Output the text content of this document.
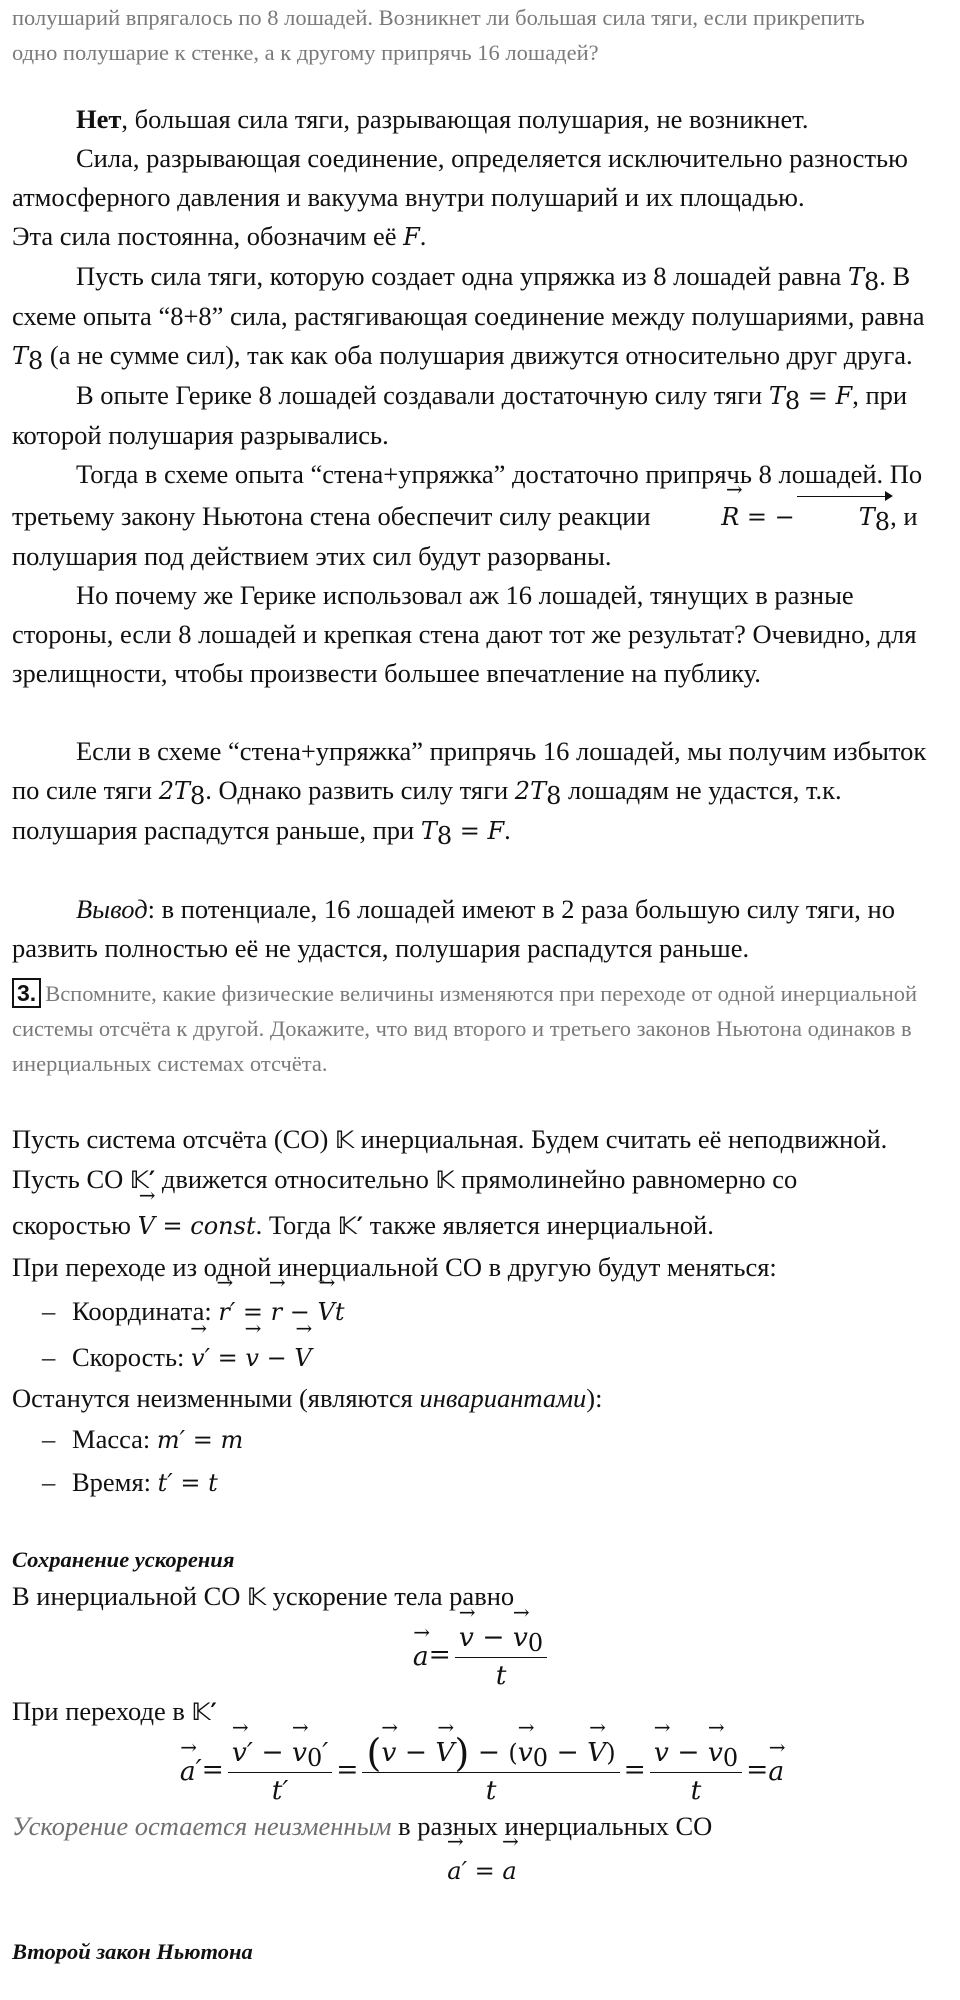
полушарий впрягалось по 8 лошадей. Возникнет ли большая сила тяги, если прикрепить

одно полушарие к стенке, а к другому припрячь 16 лошадей?

Нет, большая сила тяги, разрывающая полушария, не возникнет.

Сила, разрывающая соединение, определяется исключительно разностью атмосферного давления и вакуума внутри полушарий и их площадью.

Эта сила постоянна, обозначим её F.

Пусть сила тяги, которую создает одна упряжка из 8 лошадей равна $T_8$. В схеме опыта “8+8” сила, растягивающая соединение между полушариями, равна $T_8$ (а не сумме сил), так как оба полушария движутся относительно друг друга.

В опыте Герике 8 лошадей создавали достаточную силу тяги $T_8 = F$, при которой полушария разрывались.

Тогда в схеме опыта “стена+упряжка” достаточно припрячь 8 лошадей. По третьему закону Ньютона стена обеспечит силу реакции	→ R = −	$T_8$, и полушария под действием этих сил будут разорваны.

Но почему же Герике использовал аж 16 лошадей, тянущих в разные стороны, если 8 лошадей и крепкая стена дают тот же результат? Очевидно, для зрелищности, чтобы произвести большее впечатление на публику.

Если в схеме “стена+упряжка” припрячь 16 лошадей, мы получим избыток по силе тяги $2T_8$. Однако развить силу тяги $2T_8$ лошадям не удастся, т.к. полушария распадутся раньше, при $T_8 = F$.

Вывод: в потенциале, 16 лошадей имеют в 2 раза большую силу тяги, но развить полностью её не удастся, полушария распадутся раньше.

3. Вспомните, какие физические величины изменяются при переходе от одной инерциальной системы отсчёта к другой. Докажите, что вид второго и третьего законов Ньютона одинаков в инерциальных системах отсчёта.

Пусть система отсчёта (СО) 𝕂 инерциальная. Будем считать её неподвижной.

Пусть СО 𝕂′ движется относительно 𝕂 прямолинейно равномерно со

скоростью → V = const. Тогда 𝕂′ также является инерциальной.

При переходе из одной инерциальной СО в другую будут меняться:

– Координата: → r′ = → r − → Vt

– Скорость: → v′ = → v − → V

Останутся неизменными (являются инвариантами):

– Масса: m′ = m

– Время: t′ = t

Сохранение ускорения

В инерциальной СО 𝕂 ускорение тела равно

→ a = → $\frac{v - \to v_0}{t}$

При переходе в 𝕂′

→ a ′ = → $\frac{v' - \to v_0'}{t'} = \frac{(\to v - \to V) - (\to v_0 - \to V)}{t}$ = → $\frac{v - \to v_0}{t}$ = → a

Ускорение остается неизменным в разных инерциальных СО

→ a′ = → a

Второй закон Ньютона
